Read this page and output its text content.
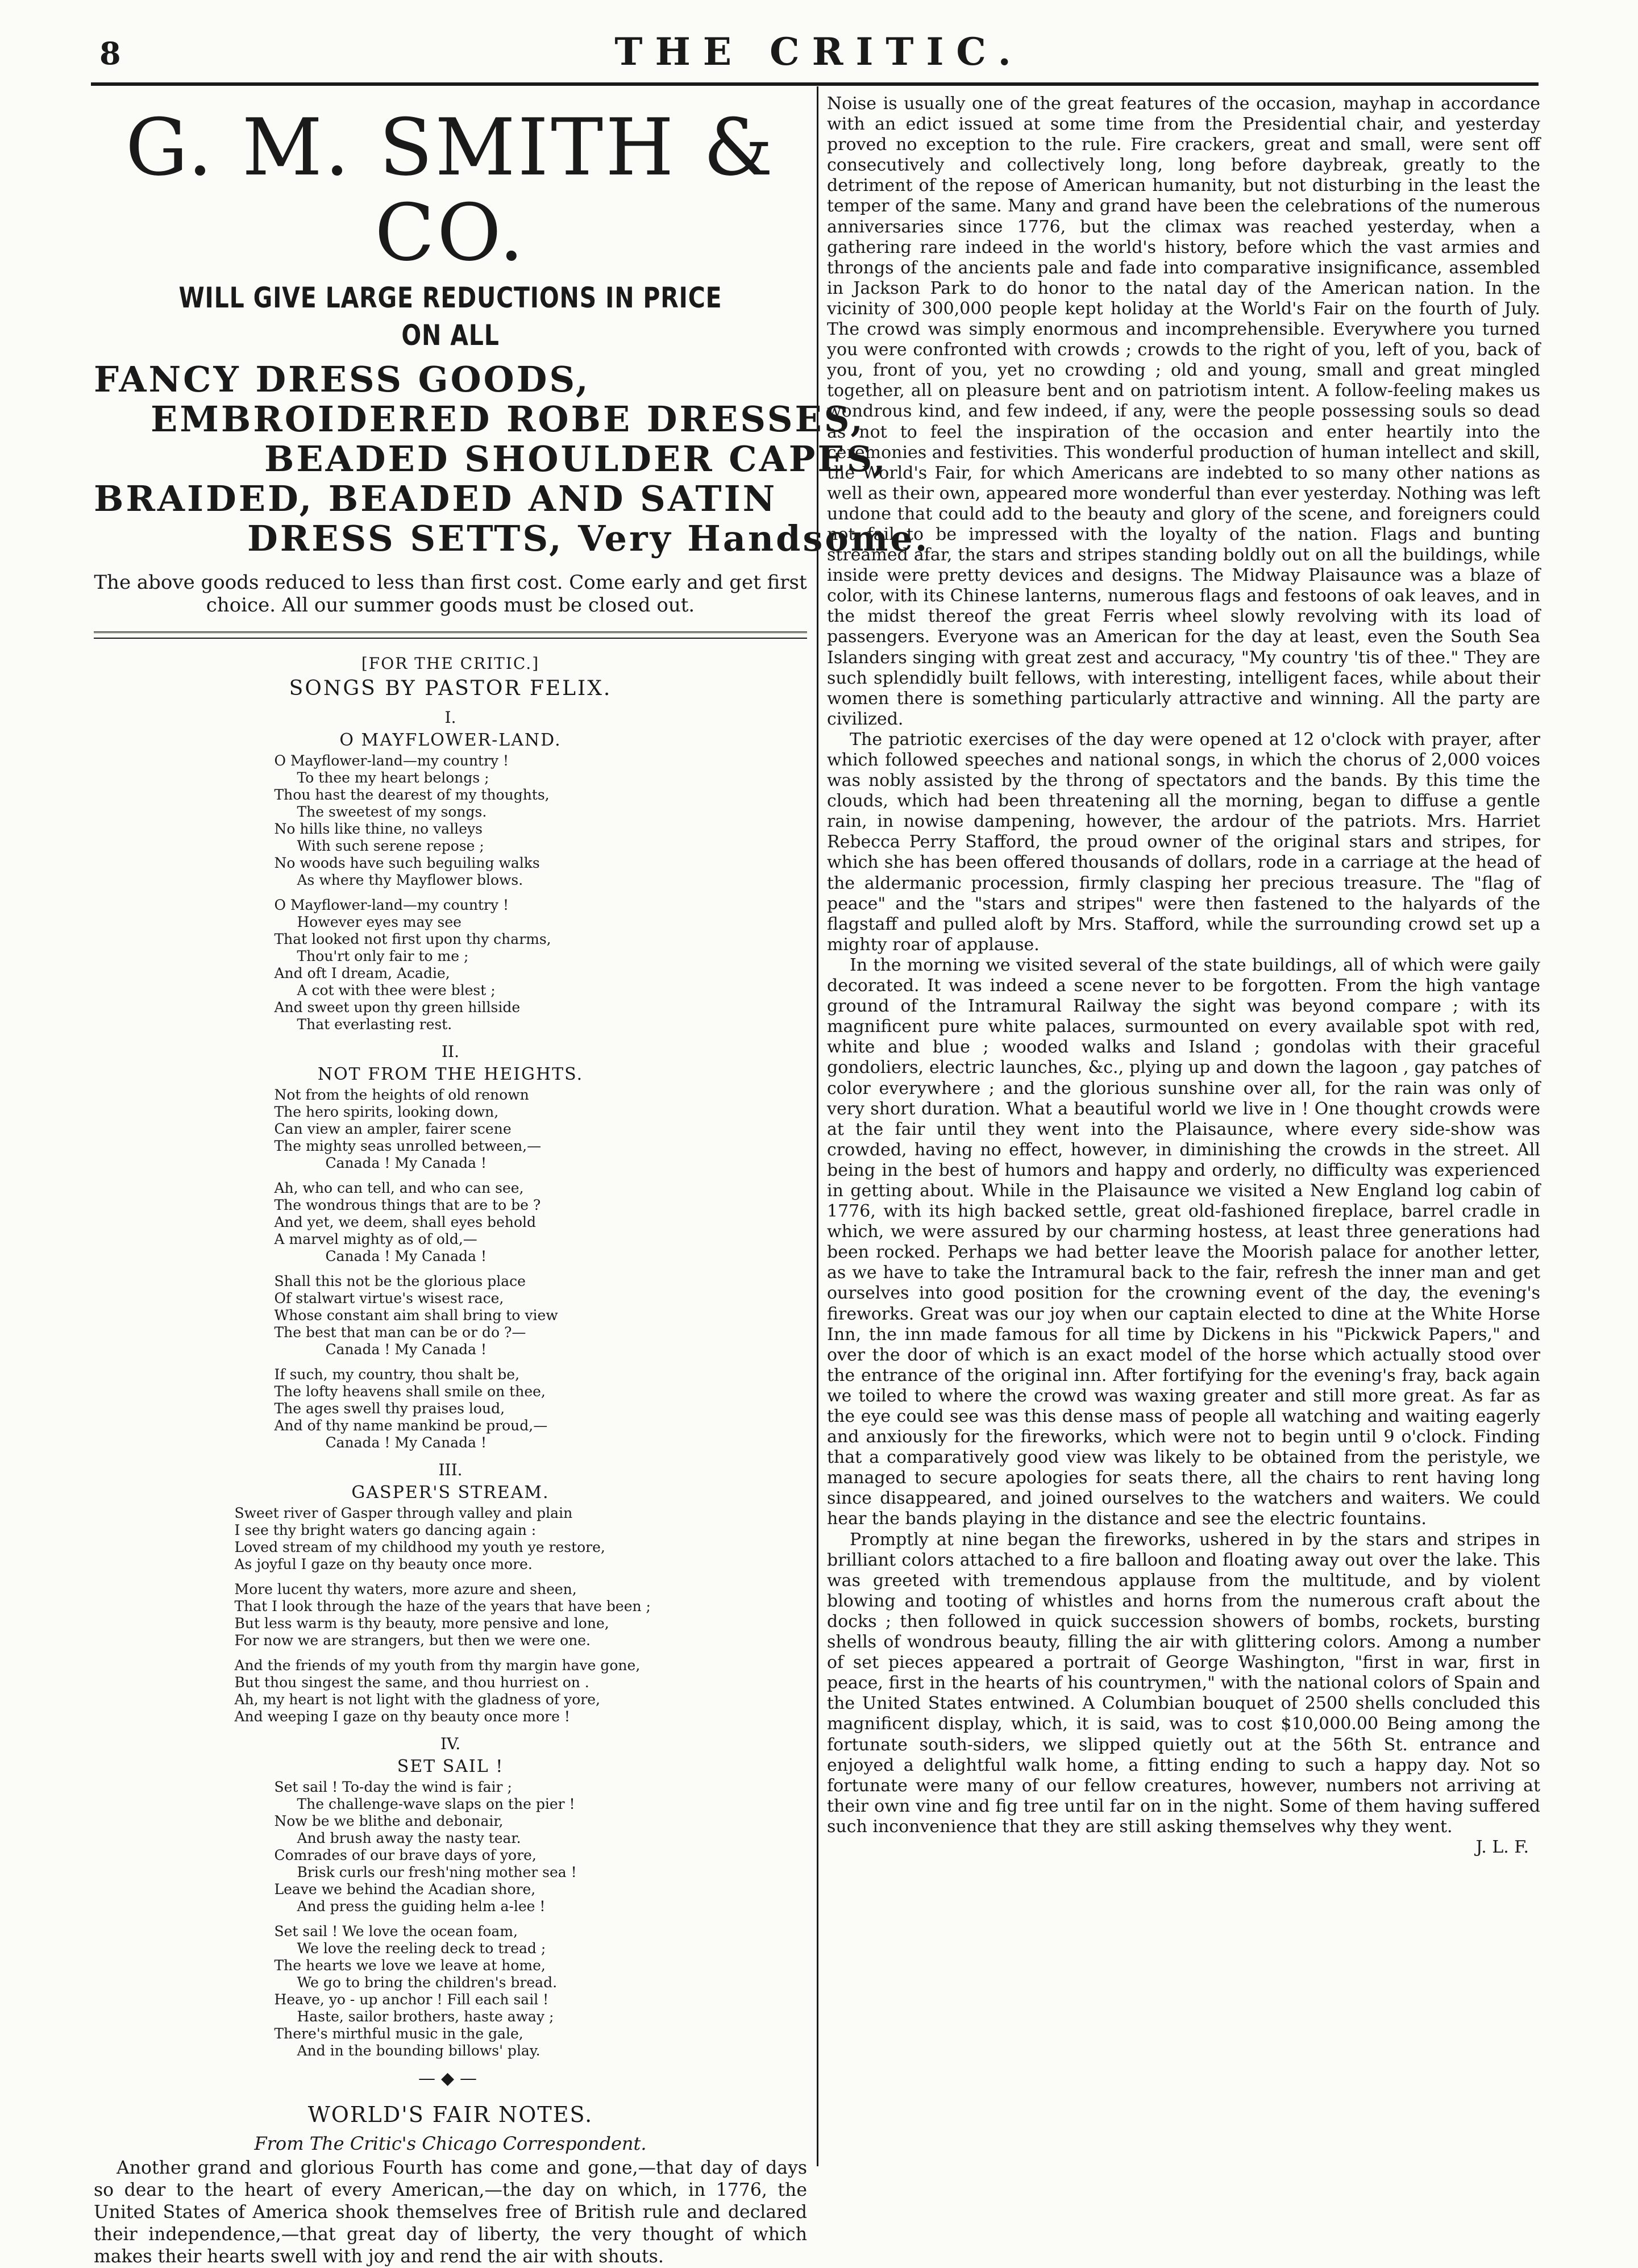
8	THE CRITIC.
G. M. SMITH & CO.
WILL GIVE LARGE REDUCTIONS IN PRICE ON ALL
FANCY DRESS GOODS,
EMBROIDERED ROBE DRESSES,
BEADED SHOULDER CAPES,
BRAIDED, BEADED AND SATIN
DRESS SETTS, Very Handsome.
The above goods reduced to less than first cost. Come early and get first choice. All our summer goods must be closed out.
[FOR THE CRITIC.]
SONGS BY PASTOR FELIX.
I.
O MAYFLOWER-LAND.
O Mayflower-land—my country !
To thee my heart belongs ;
Thou hast the dearest of my thoughts,
The sweetest of my songs.
No hills like thine, no valleys
With such serene repose ;
No woods have such beguiling walks
As where thy Mayflower blows.
O Mayflower-land—my country !
However eyes may see
That looked not first upon thy charms,
Thou'rt only fair to me ;
And oft I dream, Acadie,
A cot with thee were blest ;
And sweet upon thy green hillside
That everlasting rest.
II.
NOT FROM THE HEIGHTS.
Not from the heights of old renown
The hero spirits, looking down,
Can view an ampler, fairer scene
The mighty seas unrolled between,—
Canada ! My Canada !
Ah, who can tell, and who can see,
The wondrous things that are to be ?
And yet, we deem, shall eyes behold
A marvel mighty as of old,—
Canada ! My Canada !
Shall this not be the glorious place
Of stalwart virtue's wisest race,
Whose constant aim shall bring to view
The best that man can be or do ?—
Canada ! My Canada !
If such, my country, thou shalt be,
The lofty heavens shall smile on thee,
The ages swell thy praises loud,
And of thy name mankind be proud,—
Canada ! My Canada !
III.
GASPER'S STREAM.
Sweet river of Gasper through valley and plain
I see thy bright waters go dancing again :
Loved stream of my childhood my youth ye restore,
As joyful I gaze on thy beauty once more.
More lucent thy waters, more azure and sheen,
That I look through the haze of the years that have been ;
But less warm is thy beauty, more pensive and lone,
For now we are strangers, but then we were one.
And the friends of my youth from thy margin have gone,
But thou singest the same, and thou hurriest on .
Ah, my heart is not light with the gladness of yore,
And weeping I gaze on thy beauty once more !
IV.
SET SAIL !
Set sail ! To-day the wind is fair ;
The challenge-wave slaps on the pier !
Now be we blithe and debonair,
And brush away the nasty tear.
Comrades of our brave days of yore,
Brisk curls our fresh'ning mother sea !
Leave we behind the Acadian shore,
And press the guiding helm a-lee !
Set sail ! We love the ocean foam,
We love the reeling deck to tread ;
The hearts we love we leave at home,
We go to bring the children's bread.
Heave, yo - up anchor ! Fill each sail !
Haste, sailor brothers, haste away ;
There's mirthful music in the gale,
And in the bounding billows' play.
—◆—
WORLD'S FAIR NOTES.
From The Critic's Chicago Correspondent.
Another grand and glorious Fourth has come and gone,—that day of days so dear to the heart of every American,—the day on which, in 1776, the United States of America shook themselves free of British rule and declared their independence,—that great day of liberty, the very thought of which makes their hearts swell with joy and rend the air with shouts.

Noise is usually one of the great features of the occasion, mayhap in accordance with an edict issued at some time from the Presidential chair, and yesterday proved no exception to the rule. Fire crackers, great and small, were sent off consecutively and collectively long, long before daybreak, greatly to the detriment of the repose of American humanity, but not disturbing in the least the temper of the same. Many and grand have been the celebrations of the numerous anniversaries since 1776, but the climax was reached yesterday, when a gathering rare indeed in the world's history, before which the vast armies and throngs of the ancients pale and fade into comparative insignificance, assembled in Jackson Park to do honor to the natal day of the American nation. In the vicinity of 300,000 people kept holiday at the World's Fair on the fourth of July. The crowd was simply enormous and incomprehensible. Everywhere you turned you were confronted with crowds ; crowds to the right of you, left of you, back of you, front of you, yet no crowding ; old and young, small and great mingled together, all on pleasure bent and on patriotism intent. A follow-feeling makes us wondrous kind, and few indeed, if any, were the people possessing souls so dead as not to feel the inspiration of the occasion and enter heartily into the ceremonies and festivities. This wonderful production of human intellect and skill, the World's Fair, for which Americans are indebted to so many other nations as well as their own, appeared more wonderful than ever yesterday. Nothing was left undone that could add to the beauty and glory of the scene, and foreigners could not fail to be impressed with the loyalty of the nation. Flags and bunting streamed afar, the stars and stripes standing boldly out on all the buildings, while inside were pretty devices and designs. The Midway Plaisaunce was a blaze of color, with its Chinese lanterns, numerous flags and festoons of oak leaves, and in the midst thereof the great Ferris wheel slowly revolving with its load of passengers. Everyone was an American for the day at least, even the South Sea Islanders singing with great zest and accuracy, "My country 'tis of thee." They are such splendidly built fellows, with interesting, intelligent faces, while about their women there is something particularly attractive and winning. All the party are civilized.

The patriotic exercises of the day were opened at 12 o'clock with prayer, after which followed speeches and national songs, in which the chorus of 2,000 voices was nobly assisted by the throng of spectators and the bands. By this time the clouds, which had been threatening all the morning, began to diffuse a gentle rain, in nowise dampening, however, the ardour of the patriots. Mrs. Harriet Rebecca Perry Stafford, the proud owner of the original stars and stripes, for which she has been offered thousands of dollars, rode in a carriage at the head of the aldermanic procession, firmly clasping her precious treasure. The "flag of peace" and the "stars and stripes" were then fastened to the halyards of the flagstaff and pulled aloft by Mrs. Stafford, while the surrounding crowd set up a mighty roar of applause.

In the morning we visited several of the state buildings, all of which were gaily decorated. It was indeed a scene never to be forgotten. From the high vantage ground of the Intramural Railway the sight was beyond compare ; with its magnificent pure white palaces, surmounted on every available spot with red, white and blue ; wooded walks and Island ; gondolas with their graceful gondoliers, electric launches, &c., plying up and down the lagoon , gay patches of color everywhere ; and the glorious sunshine over all, for the rain was only of very short duration. What a beautiful world we live in ! One thought crowds were at the fair until they went into the Plaisaunce, where every side-show was crowded, having no effect, however, in diminishing the crowds in the street. All being in the best of humors and happy and orderly, no difficulty was experienced in getting about. While in the Plaisaunce we visited a New England log cabin of 1776, with its high backed settle, great old-fashioned fireplace, barrel cradle in which, we were assured by our charming hostess, at least three generations had been rocked. Perhaps we had better leave the Moorish palace for another letter, as we have to take the Intramural back to the fair, refresh the inner man and get ourselves into good position for the crowning event of the day, the evening's fireworks. Great was our joy when our captain elected to dine at the White Horse Inn, the inn made famous for all time by Dickens in his "Pickwick Papers," and over the door of which is an exact model of the horse which actually stood over the entrance of the original inn. After fortifying for the evening's fray, back again we toiled to where the crowd was waxing greater and still more great. As far as the eye could see was this dense mass of people all watching and waiting eagerly and anxiously for the fireworks, which were not to begin until 9 o'clock. Finding that a comparatively good view was likely to be obtained from the peristyle, we managed to secure apologies for seats there, all the chairs to rent having long since disappeared, and joined ourselves to the watchers and waiters. We could hear the bands playing in the distance and see the electric fountains.

Promptly at nine began the fireworks, ushered in by the stars and stripes in brilliant colors attached to a fire balloon and floating away out over the lake. This was greeted with tremendous applause from the multitude, and by violent blowing and tooting of whistles and horns from the numerous craft about the docks ; then followed in quick succession showers of bombs, rockets, bursting shells of wondrous beauty, filling the air with glittering colors. Among a number of set pieces appeared a portrait of George Washington, "first in war, first in peace, first in the hearts of his countrymen," with the national colors of Spain and the United States entwined. A Columbian bouquet of 2500 shells concluded this magnificent display, which, it is said, was to cost $10,000.00 Being among the fortunate south-siders, we slipped quietly out at the 56th St. entrance and enjoyed a delightful walk home, a fitting ending to such a happy day. Not so fortunate were many of our fellow creatures, however, numbers not arriving at their own vine and fig tree until far on in the night. Some of them having suffered such inconvenience that they are still asking themselves why they went.

J. L. F.
